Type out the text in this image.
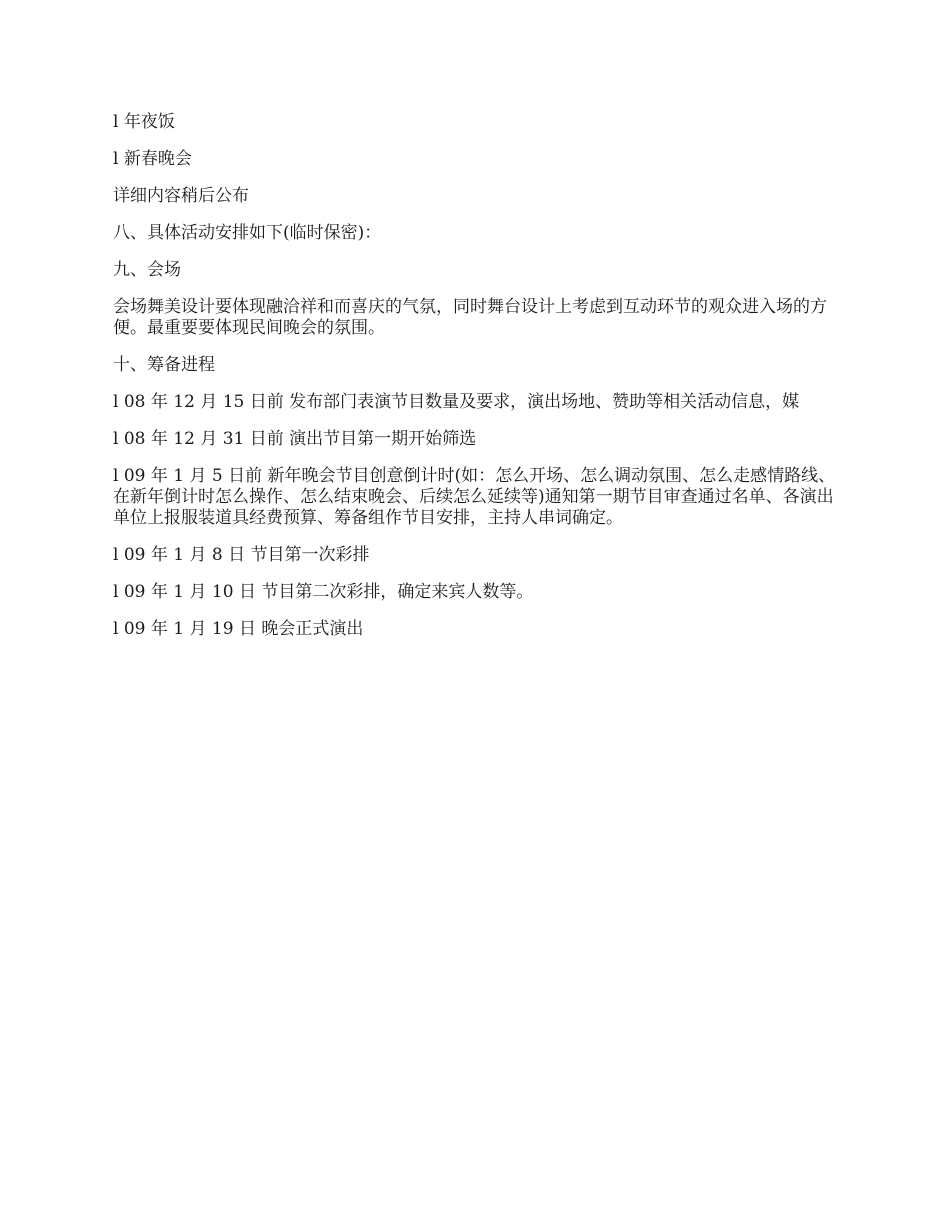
l 年夜饭

l 新春晚会

详细内容稍后公布

八、具体活动安排如下(临时保密)：

九、会场

会场舞美设计要体现融洽祥和而喜庆的气氛，同时舞台设计上考虑到互动环节的观众进入场的方便。最重要要体现民间晚会的氛围。

十、筹备进程

l 08 年 12 月 15 日前 发布部门表演节目数量及要求，演出场地、赞助等相关活动信息，媒

l 08 年 12 月 31 日前 演出节目第一期开始筛选

l 09 年 1 月 5 日前 新年晚会节目创意倒计时(如：怎么开场、怎么调动氛围、怎么走感情路线、在新年倒计时怎么操作、怎么结束晚会、后续怎么延续等)通知第一期节目审查通过名单、各演出单位上报服装道具经费预算、筹备组作节目安排，主持人串词确定。

l 09 年 1 月 8 日 节目第一次彩排

l 09 年 1 月 10 日 节目第二次彩排，确定来宾人数等。

l 09 年 1 月 19 日 晚会正式演出
